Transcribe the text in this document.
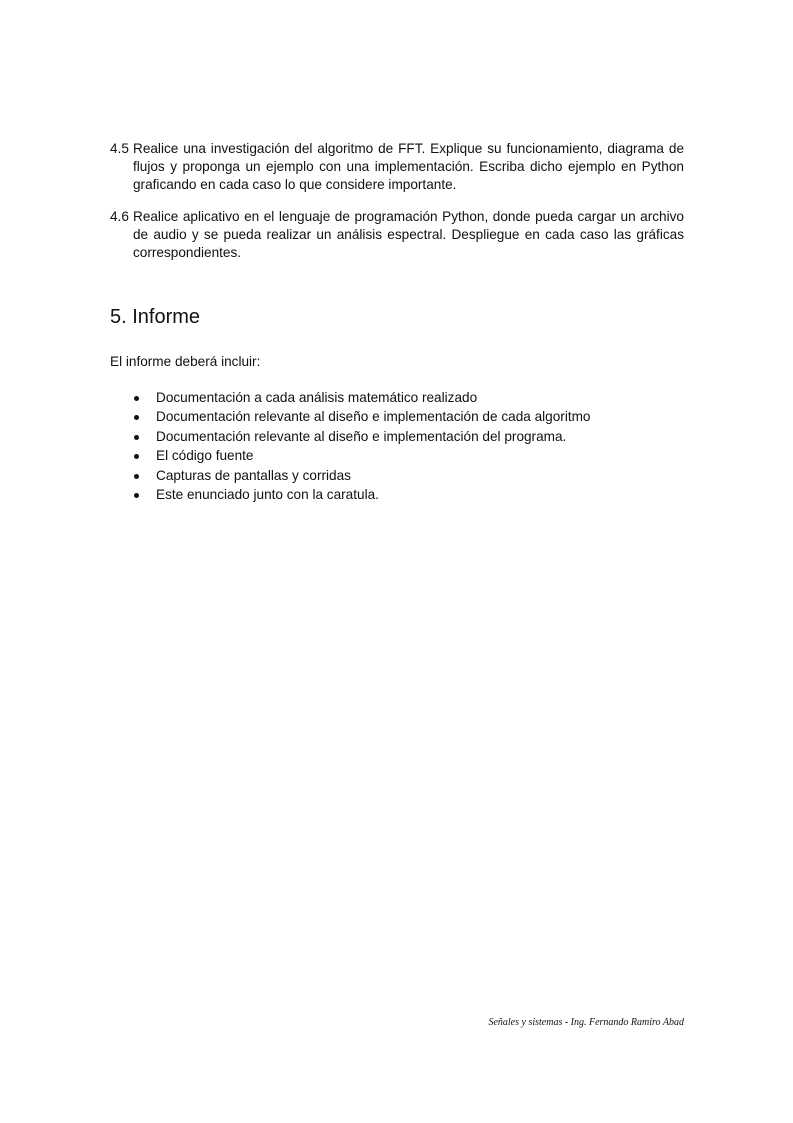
4.5 Realice una investigación del algoritmo de FFT. Explique su funcionamiento, diagrama de flujos y proponga un ejemplo con una implementación. Escriba dicho ejemplo en Python graficando en cada caso lo que considere importante.
4.6 Realice aplicativo en el lenguaje de programación Python, donde pueda cargar un archivo de audio y se pueda realizar un análisis espectral. Despliegue en cada caso las gráficas correspondientes.
5. Informe

El informe deberá incluir:

Documentación a cada análisis matemático realizado
Documentación relevante al diseño e implementación de cada algoritmo
Documentación relevante al diseño e implementación del programa.
El código fuente
Capturas de pantallas y corridas
Este enunciado junto con la caratula.
Señales y sistemas - Ing. Fernando Ramiro Abad
